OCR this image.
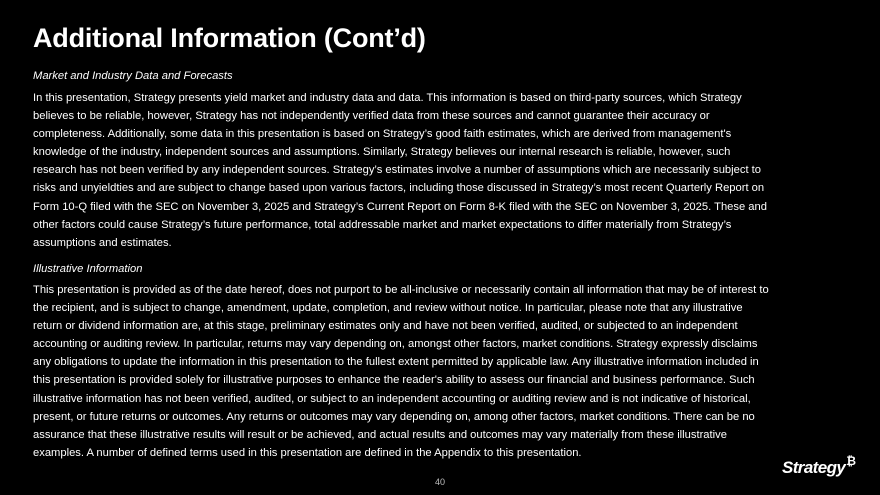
Additional Information (Cont’d)
Market and Industry Data and Forecasts
In this presentation, Strategy presents yield market and industry data and data. This information is based on third-party sources, which Strategy
believes to be reliable, however, Strategy has not independently verified data from these sources and cannot guarantee their accuracy or
completeness. Additionally, some data in this presentation is based on Strategy’s good faith estimates, which are derived from management's
knowledge of the industry, independent sources and assumptions. Similarly, Strategy believes our internal research is reliable, however, such
research has not been verified by any independent sources. Strategy’s estimates involve a number of assumptions which are necessarily subject to
risks and unyieldties and are subject to change based upon various factors, including those discussed in Strategy’s most recent Quarterly Report on
Form 10-Q filed with the SEC on November 3, 2025 and Strategy’s Current Report on Form 8-K filed with the SEC on November 3, 2025. These and
other factors could cause Strategy’s future performance, total addressable market and market expectations to differ materially from Strategy’s
assumptions and estimates.
Illustrative Information
This presentation is provided as of the date hereof, does not purport to be all-inclusive or necessarily contain all information that may be of interest to
the recipient, and is subject to change, amendment, update, completion, and review without notice. In particular, please note that any illustrative
return or dividend information are, at this stage, preliminary estimates only and have not been verified, audited, or subjected to an independent
accounting or auditing review. In particular, returns may vary depending on, amongst other factors, market conditions. Strategy expressly disclaims
any obligations to update the information in this presentation to the fullest extent permitted by applicable law. Any illustrative information included in
this presentation is provided solely for illustrative purposes to enhance the reader's ability to assess our financial and business performance. Such
illustrative information has not been verified, audited, or subject to an independent accounting or auditing review and is not indicative of historical,
present, or future returns or outcomes. Any returns or outcomes may vary depending on, among other factors, market conditions. There can be no
assurance that these illustrative results will result or be achieved, and actual results and outcomes may vary materially from these illustrative
examples. A number of defined terms used in this presentation are defined in the Appendix to this presentation.
40
Strategy ₿
